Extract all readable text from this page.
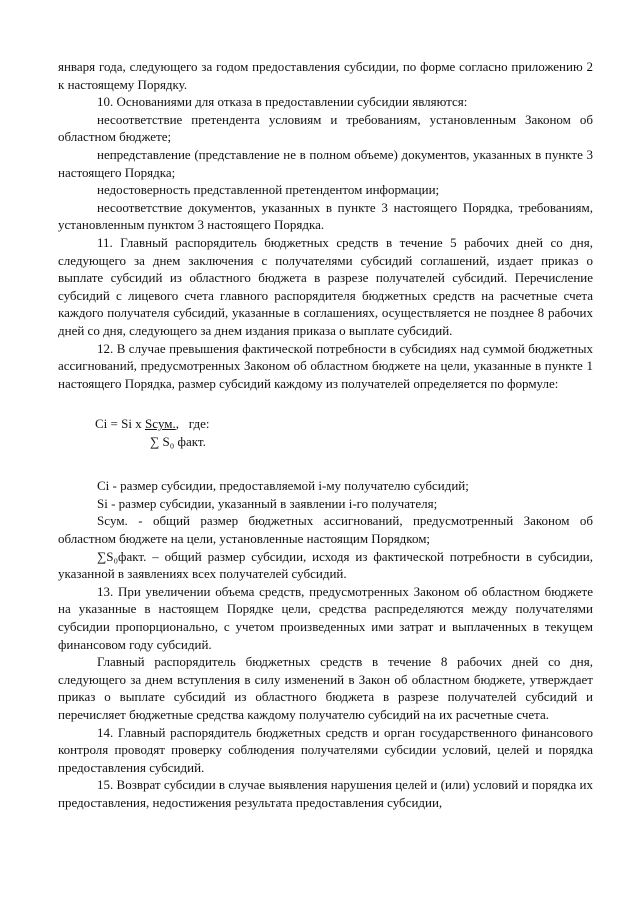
января года, следующего за годом предоставления субсидии, по форме согласно приложению 2 к настоящему Порядку.

10. Основаниями для отказа в предоставлении субсидии являются:

несоответствие претендента условиям и требованиям, установленным Законом об областном бюджете;

непредставление (представление не в полном объеме) документов, указанных в пункте 3 настоящего Порядка;

недостоверность представленной претендентом информации;

несоответствие документов, указанных в пункте 3 настоящего Порядка, требованиям, установленным пунктом 3 настоящего Порядка.

11. Главный распорядитель бюджетных средств в течение 5 рабочих дней со дня, следующего за днем заключения с получателями субсидий соглашений, издает приказ о выплате субсидий из областного бюджета в разрезе получателей субсидий. Перечисление субсидий с лицевого счета главного распорядителя бюджетных средств на расчетные счета каждого получателя субсидий, указанные в соглашениях, осуществляется не позднее 8 рабочих дней со дня, следующего за днем издания приказа о выплате субсидий.

12. В случае превышения фактической потребности в субсидиях над суммой бюджетных ассигнований, предусмотренных Законом об областном бюджете на цели, указанные в пункте 1 настоящего Порядка, размер субсидий каждому из получателей определяется по формуле:

Ci = Si x Scум.,   где:
∑ S₀ факт.

Ci - размер субсидии, предоставляемой i-му получателю субсидий;

Si - размер субсидии, указанный в заявлении i-го получателя;

Scум. - общий размер бюджетных ассигнований, предусмотренный Законом об областном бюджете на цели, установленные настоящим Порядком;

∑S₀факт. – общий размер субсидии, исходя из фактической потребности в субсидии, указанной в заявлениях всех получателей субсидий.

13. При увеличении объема средств, предусмотренных Законом об областном бюджете на указанные в настоящем Порядке цели, средства распределяются между получателями субсидии пропорционально, с учетом произведенных ими затрат и выплаченных в текущем финансовом году субсидий.

Главный распорядитель бюджетных средств в течение 8 рабочих дней со дня, следующего за днем вступления в силу изменений в Закон об областном бюджете, утверждает приказ о выплате субсидий из областного бюджета в разрезе получателей субсидий и перечисляет бюджетные средства каждому получателю субсидий на их расчетные счета.

14. Главный распорядитель бюджетных средств и орган государственного финансового контроля проводят проверку соблюдения получателями субсидии условий, целей и порядка предоставления субсидий.

15. Возврат субсидии в случае выявления нарушения целей и (или) условий и порядка их предоставления, недостижения результата предоставления субсидии,
